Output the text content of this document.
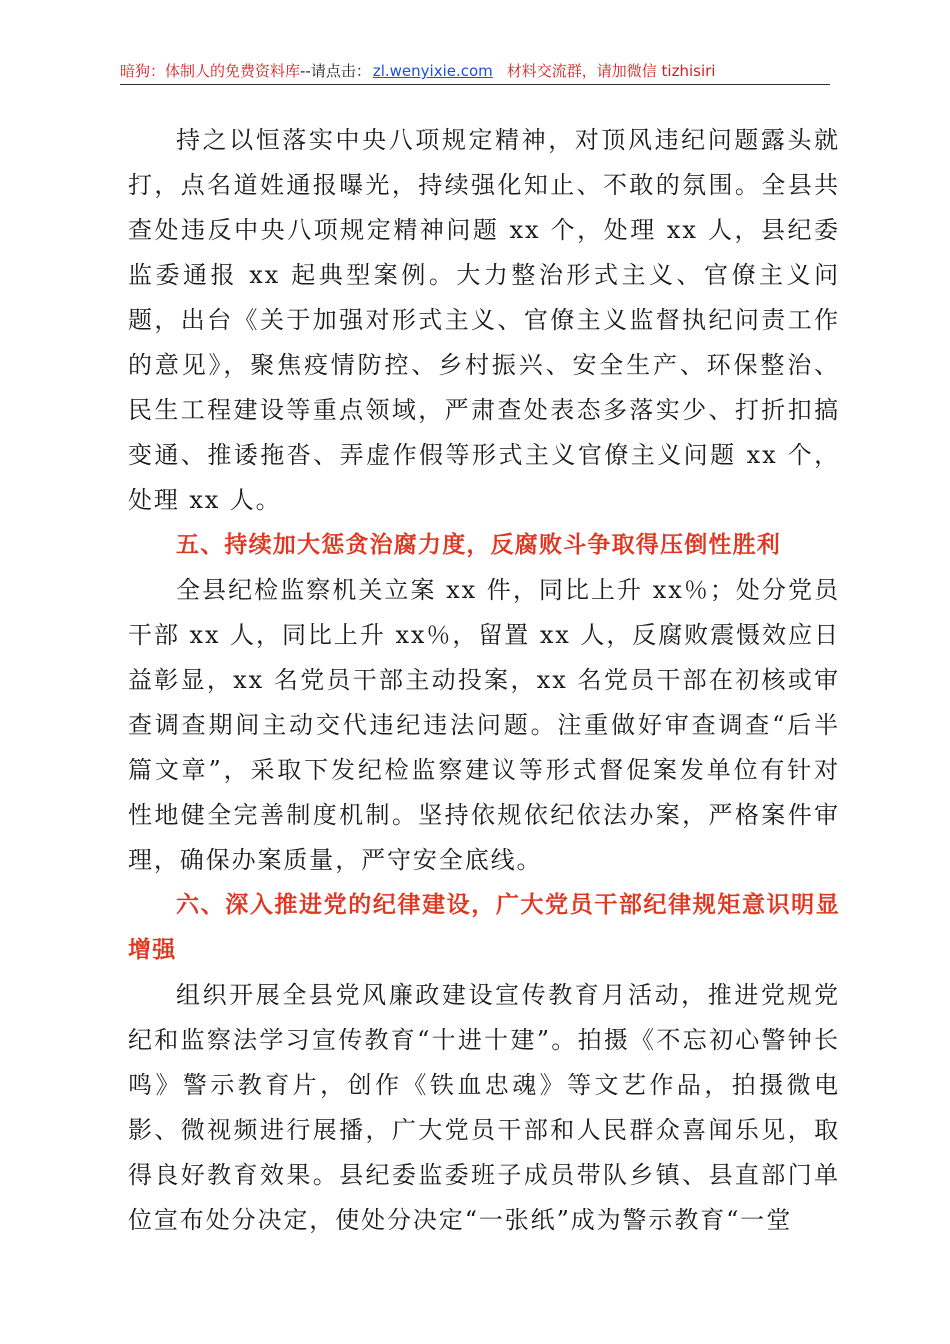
暗狗：体制人的免费资料库--请点击： zl.wenyixie.com 材料交流群，请加微信 tizhisiri

持之以恒落实中央八项规定精神，对顶风违纪问题露头就打，点名道姓通报曝光，持续强化知止、不敢的氛围。全县共查处违反中央八项规定精神问题 xx 个，处理 xx 人，县纪委监委通报 xx 起典型案例。大力整治形式主义、官僚主义问题，出台《关于加强对形式主义、官僚主义监督执纪问责工作的意见》，聚焦疫情防控、乡村振兴、安全生产、环保整治、民生工程建设等重点领域，严肃查处表态多落实少、打折扣搞变通、推诿拖沓、弄虚作假等形式主义官僚主义问题 xx 个，处理 xx 人。

五、持续加大惩贪治腐力度，反腐败斗争取得压倒性胜利

全县纪检监察机关立案 xx 件，同比上升 xx％；处分党员干部 xx 人，同比上升 xx％，留置 xx 人，反腐败震慑效应日益彰显，xx 名党员干部主动投案，xx 名党员干部在初核或审查调查期间主动交代违纪违法问题。注重做好审查调查“后半篇文章”，采取下发纪检监察建议等形式督促案发单位有针对性地健全完善制度机制。坚持依规依纪依法办案，严格案件审理，确保办案质量，严守安全底线。

六、深入推进党的纪律建设，广大党员干部纪律规矩意识明显增强

组织开展全县党风廉政建设宣传教育月活动，推进党规党纪和监察法学习宣传教育“十进十建”。拍摄《不忘初心警钟长鸣》警示教育片，创作《铁血忠魂》等文艺作品，拍摄微电影、微视频进行展播，广大党员干部和人民群众喜闻乐见，取得良好教育效果。县纪委监委班子成员带队乡镇、县直部门单位宣布处分决定，使处分决定“一张纸”成为警示教育“一堂
